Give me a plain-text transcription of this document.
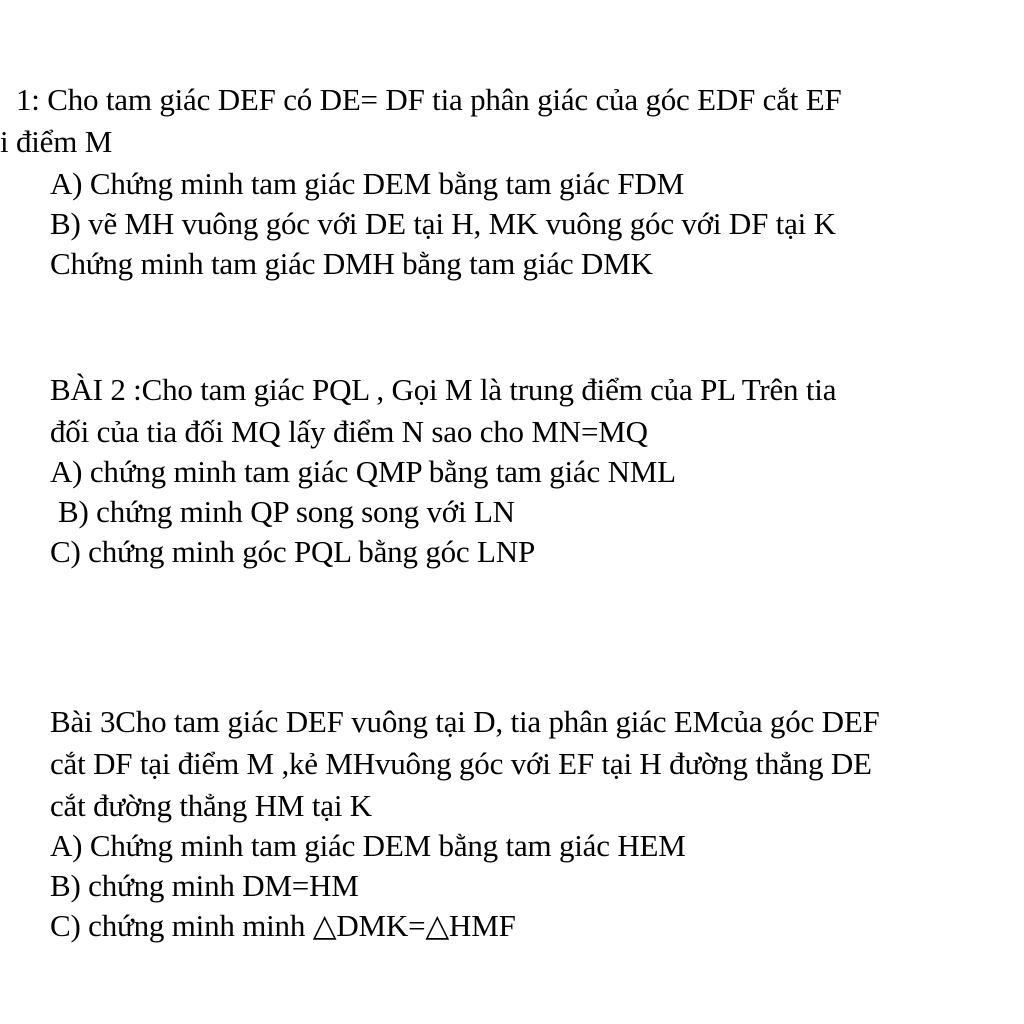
1: Cho tam giác DEF có DE= DF tia phân giác của góc EDF cắt EF
i điểm M
A) Chứng minh tam giác DEM bằng tam giác FDM
B) vẽ MH vuông góc với DE tại H, MK vuông góc với DF tại K
Chứng minh tam giác DMH bằng tam giác DMK
BÀI 2 :Cho tam giác PQL , Gọi M là trung điểm của PL Trên tia
đối của tia đối MQ lấy điểm N sao cho MN=MQ
A) chứng minh tam giác QMP bằng tam giác NML
B) chứng minh QP song song với LN
C) chứng minh góc PQL bằng góc LNP
Bài 3Cho tam giác DEF vuông tại D, tia phân giác EMcủa góc DEF
cắt DF tại điểm M ,kẻ MHvuông góc với EF tại H đường thẳng DE
cắt đường thẳng HM tại K
A) Chứng minh tam giác DEM bằng tam giác HEM
B) chứng minh DM=HM
C) chứng minh minh △DMK=△HMF
